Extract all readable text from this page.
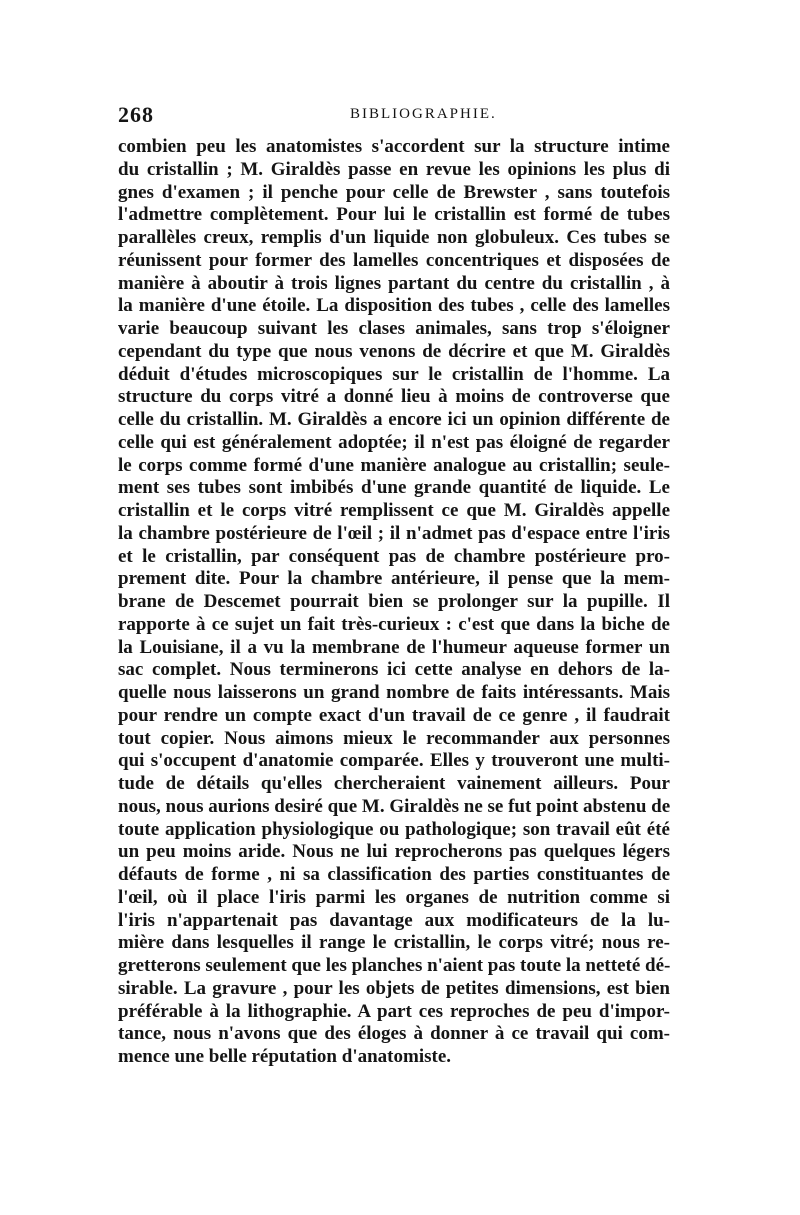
268	BIBLIOGRAPHIE.
combien peu les anatomistes s'accordent sur la structure intime
du cristallin ; M. Giraldès passe en revue les opinions les plus di
gnes d'examen ; il penche pour celle de Brewster , sans toutefois
l'admettre complètement. Pour lui le cristallin est formé de tubes
parallèles creux, remplis d'un liquide non globuleux. Ces tubes se
réunissent pour former des lamelles concentriques et disposées de
manière à aboutir à trois lignes partant du centre du cristallin , à
la manière d'une étoile. La disposition des tubes , celle des lamelles
varie beaucoup suivant les clases animales, sans trop s'éloigner
cependant du type que nous venons de décrire et que M. Giraldès
déduit d'études microscopiques sur le cristallin de l'homme. La
structure du corps vitré a donné lieu à moins de controverse que
celle du cristallin. M. Giraldès a encore ici un opinion différente de
celle qui est généralement adoptée; il n'est pas éloigné de regarder
le corps comme formé d'une manière analogue au cristallin; seule-
ment ses tubes sont imbibés d'une grande quantité de liquide. Le
cristallin et le corps vitré remplissent ce que M. Giraldès appelle
la chambre postérieure de l'œil ; il n'admet pas d'espace entre l'iris
et le cristallin, par conséquent pas de chambre postérieure pro-
prement dite. Pour la chambre antérieure, il pense que la mem-
brane de Descemet pourrait bien se prolonger sur la pupille. Il
rapporte à ce sujet un fait très-curieux : c'est que dans la biche de
la Louisiane, il a vu la membrane de l'humeur aqueuse former un
sac complet. Nous terminerons ici cette analyse en dehors de la-
quelle nous laisserons un grand nombre de faits intéressants. Mais
pour rendre un compte exact d'un travail de ce genre , il faudrait
tout copier. Nous aimons mieux le recommander aux personnes
qui s'occupent d'anatomie comparée. Elles y trouveront une multi-
tude de détails qu'elles chercheraient vainement ailleurs. Pour
nous, nous aurions desiré que M. Giraldès ne se fut point abstenu de
toute application physiologique ou pathologique; son travail eût été
un peu moins aride. Nous ne lui reprocherons pas quelques légers
défauts de forme , ni sa classification des parties constituantes de
l'œil, où il place l'iris parmi les organes de nutrition comme si
l'iris n'appartenait pas davantage aux modificateurs de la lu-
mière dans lesquelles il range le cristallin, le corps vitré; nous re-
gretterons seulement que les planches n'aient pas toute la netteté dé-
sirable. La gravure , pour les objets de petites dimensions, est bien
préférable à la lithographie. A part ces reproches de peu d'impor-
tance, nous n'avons que des éloges à donner à ce travail qui com-
mence une belle réputation d'anatomiste.
